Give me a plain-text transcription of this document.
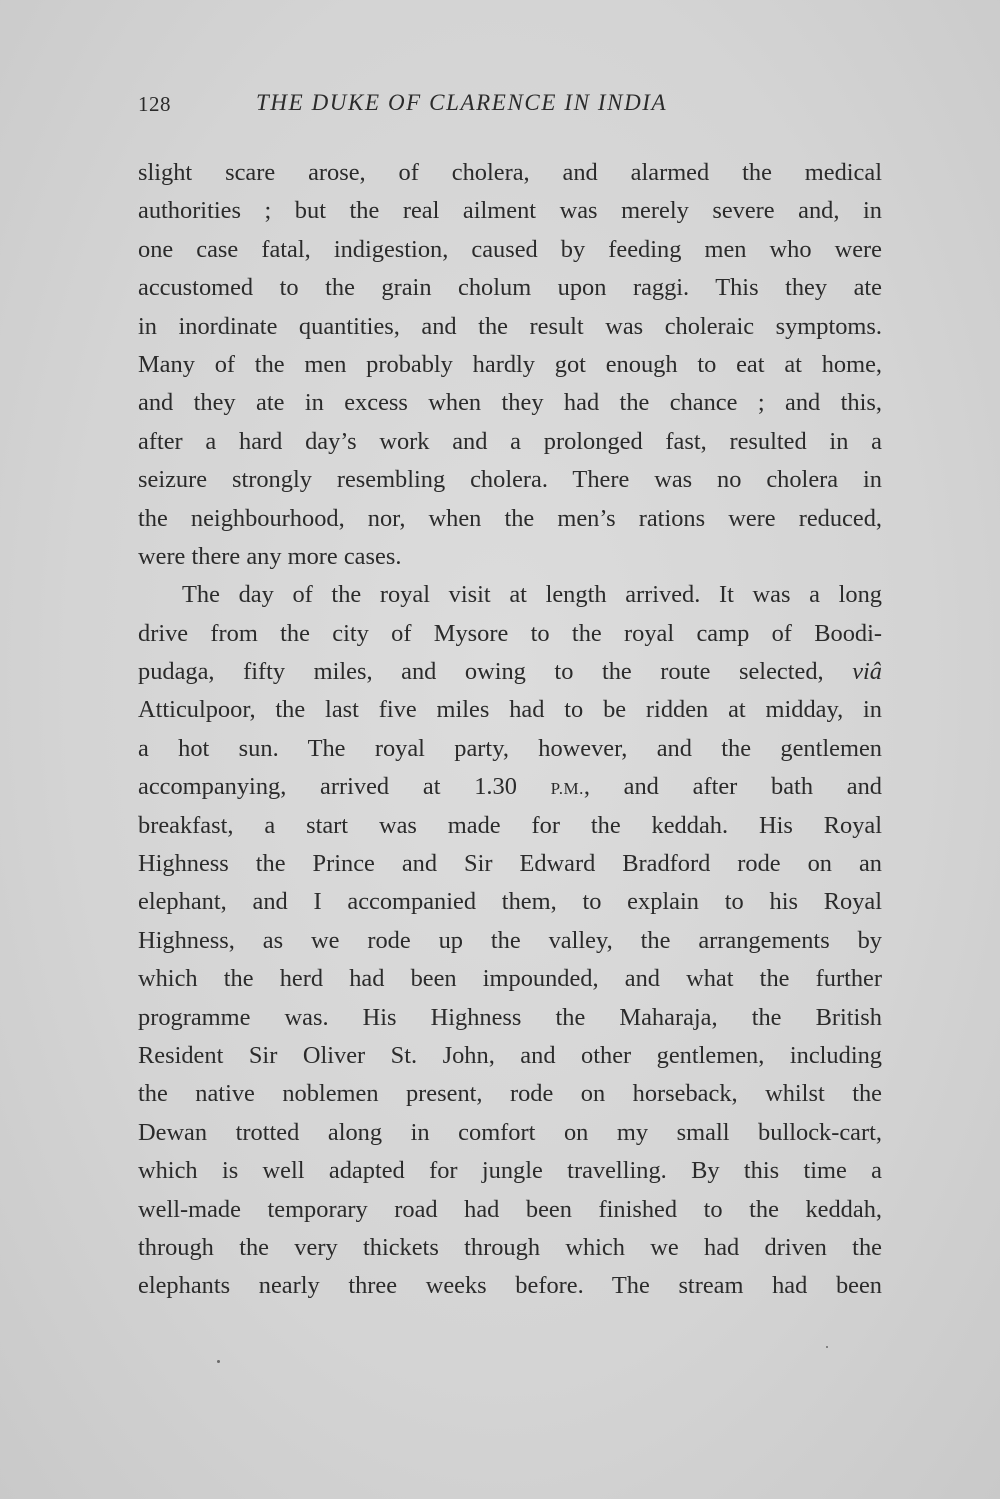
128	THE DUKE OF CLARENCE IN INDIA
slight scare arose, of cholera, and alarmed the medical
authorities ; but the real ailment was merely severe and, in
one case fatal, indigestion, caused by feeding men who were
accustomed to the grain cholum upon raggi. This they ate
in inordinate quantities, and the result was choleraic symptoms.
Many of the men probably hardly got enough to eat at home,
and they ate in excess when they had the chance ; and this,
after a hard day’s work and a prolonged fast, resulted in a
seizure strongly resembling cholera. There was no cholera in
the neighbourhood, nor, when the men’s rations were reduced,
were there any more cases.
The day of the royal visit at length arrived. It was a long
drive from the city of Mysore to the royal camp of Boodi-
pudaga, fifty miles, and owing to the route selected, viâ
Atticulpoor, the last five miles had to be ridden at midday, in
a hot sun. The royal party, however, and the gentlemen
accompanying, arrived at 1.30 P.M., and after bath and
breakfast, a start was made for the keddah. His Royal
Highness the Prince and Sir Edward Bradford rode on an
elephant, and I accompanied them, to explain to his Royal
Highness, as we rode up the valley, the arrangements by
which the herd had been impounded, and what the further
programme was. His Highness the Maharaja, the British
Resident Sir Oliver St. John, and other gentlemen, including
the native noblemen present, rode on horseback, whilst the
Dewan trotted along in comfort on my small bullock-cart,
which is well adapted for jungle travelling. By this time a
well-made temporary road had been finished to the keddah,
through the very thickets through which we had driven the
elephants nearly three weeks before. The stream had been
